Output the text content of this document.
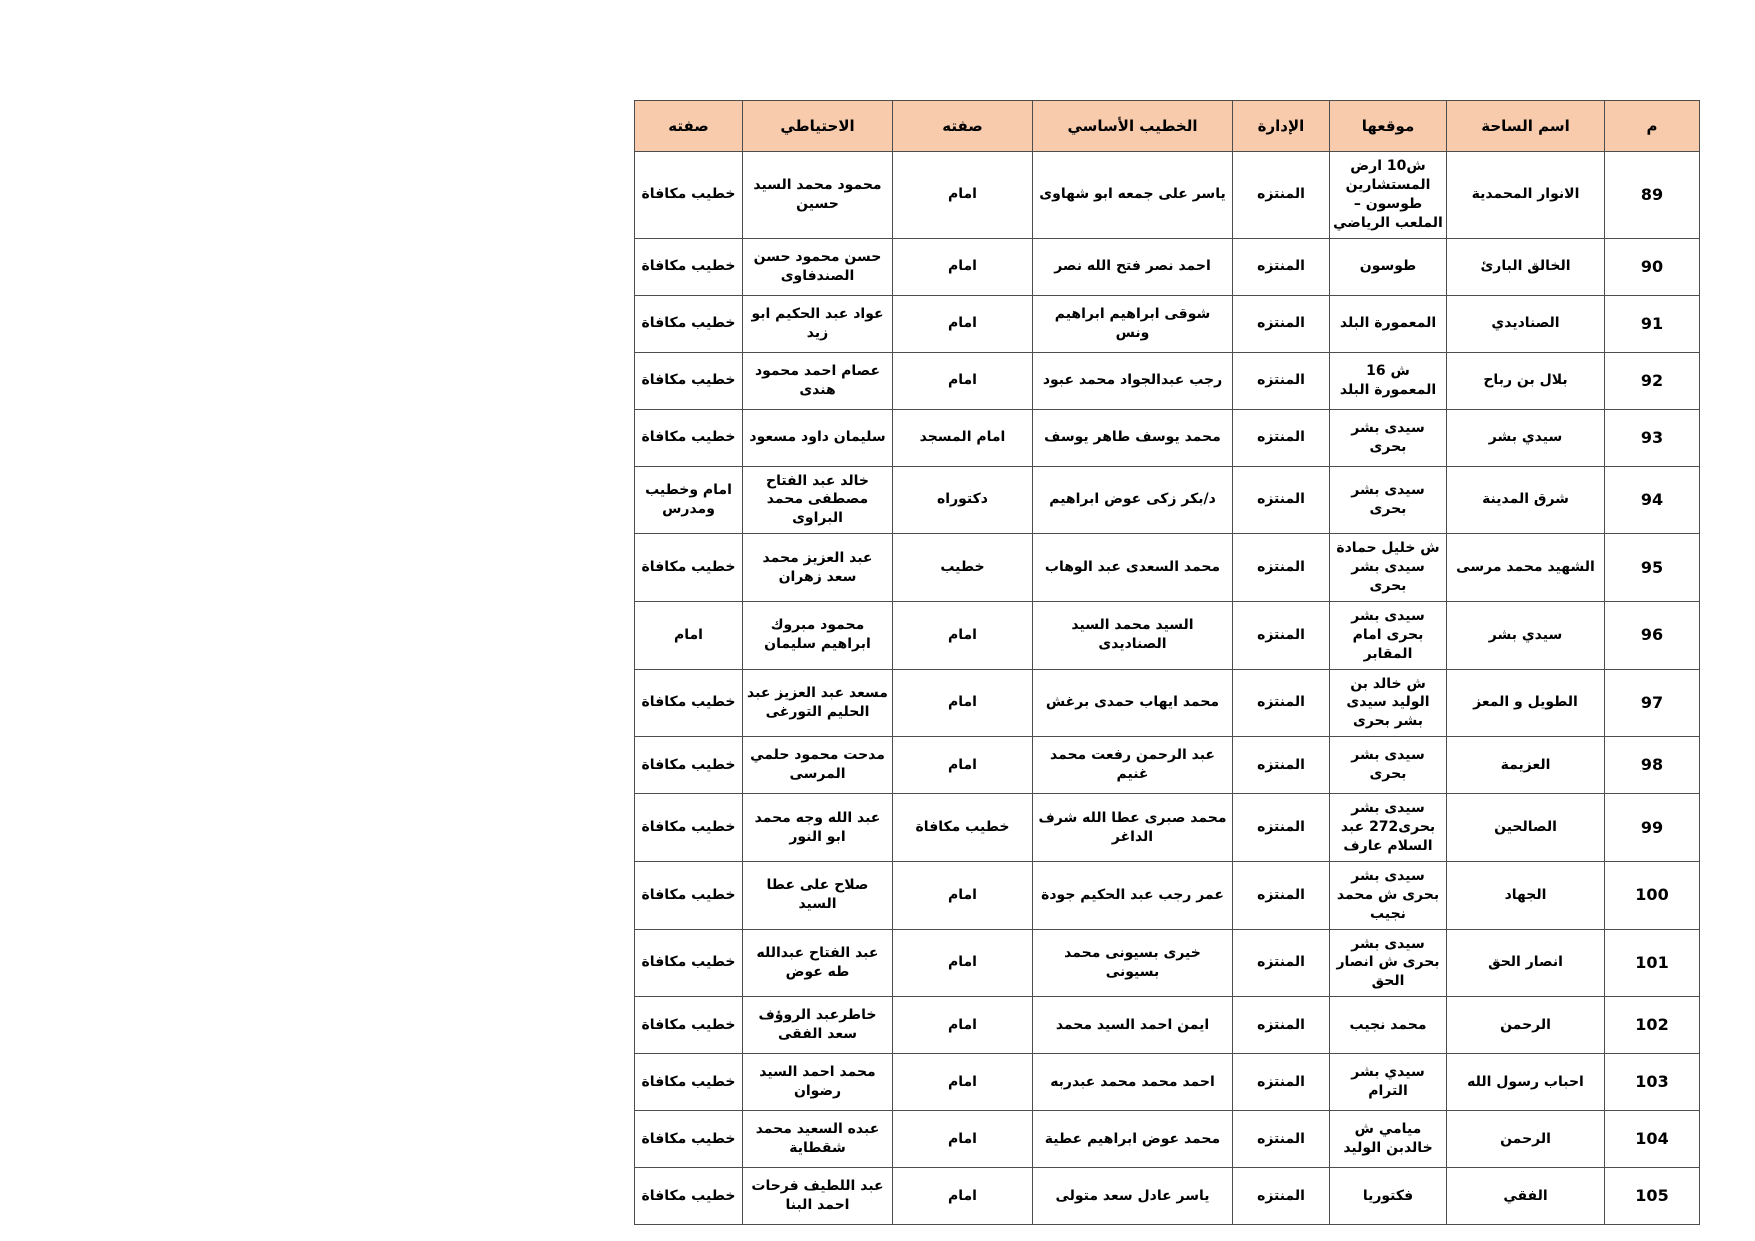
م	اسم الساحة	موقعها	الإدارة	الخطيب الأساسي	صفته	الاحتياطي	صفته
89	الانوار المحمدية	ش10 ارض المستشارين طوسون – الملعب الرياضي	المنتزه	ياسر على جمعه ابو شهاوى	امام	محمود محمد السيد حسين	خطيب مكافاة
90	الخالق البارئ	طوسون	المنتزه	احمد نصر فتح الله نصر	امام	حسن محمود حسن الصندفاوى	خطيب مكافاة
91	الصناديدي	المعمورة البلد	المنتزه	شوقى ابراهيم ابراهيم ونس	امام	عواد عبد الحكيم ابو زيد	خطيب مكافاة
92	بلال بن رباح	ش 16 المعمورة البلد	المنتزه	رجب عبدالجواد محمد عبود	امام	عصام احمد محمود هندى	خطيب مكافاة
93	سيدي بشر	سيدى بشر بحرى	المنتزه	محمد يوسف طاهر يوسف	امام المسجد	سليمان داود مسعود	خطيب مكافاة
94	شرق المدينة	سيدى بشر بحرى	المنتزه	د/بكر زكى عوض ابراهيم	دكتوراه	خالد عبد الفتاح مصطفى محمد البراوى	امام وخطيب ومدرس
95	الشهيد محمد مرسى	ش خليل حمادة سيدى بشر بحرى	المنتزه	محمد السعدى عبد الوهاب	خطيب	عبد العزيز محمد سعد زهران	خطيب مكافاة
96	سيدي بشر	سيدى بشر بحرى امام المقابر	المنتزه	السيد محمد السيد الصناديدى	امام	محمود مبروك ابراهيم سليمان	امام
97	الطويل و المعز	ش خالد بن الوليد سيدى بشر بحرى	المنتزه	محمد ايهاب حمدى برغش	امام	مسعد عبد العزيز عبد الحليم التورغى	خطيب مكافاة
98	العزيمة	سيدى بشر بحرى	المنتزه	عبد الرحمن رفعت محمد غنيم	امام	مدحت محمود حلمي المرسى	خطيب مكافاة
99	الصالحين	سيدى بشر بحرى272 عبد السلام عارف	المنتزه	محمد صبرى عطا الله شرف الداغر	خطيب مكافاة	عبد الله وجه محمد ابو النور	خطيب مكافاة
100	الجهاد	سيدى بشر بحرى ش محمد نجيب	المنتزه	عمر رجب عبد الحكيم جودة	امام	صلاح على عطا السيد	خطيب مكافاة
101	انصار الحق	سيدى بشر بحرى ش انصار الحق	المنتزه	خيرى بسيونى محمد بسيونى	امام	عبد الفتاح عبدالله طه عوض	خطيب مكافاة
102	الرحمن	محمد نجيب	المنتزه	ايمن احمد السيد محمد	امام	خاطرعبد الروؤف سعد الفقى	خطيب مكافاة
103	احباب رسول الله	سيدي بشر الترام	المنتزه	احمد محمد محمد عبدربه	امام	محمد احمد السيد رضوان	خطيب مكافاة
104	الرحمن	ميامي ش خالدبن الوليد	المنتزه	محمد عوض ابراهيم عطية	امام	عبده السعيد محمد شقطاية	خطيب مكافاة
105	الفقي	فكتوريا	المنتزه	ياسر عادل سعد متولى	امام	عبد اللطيف فرحات احمد البنا	خطيب مكافاة
